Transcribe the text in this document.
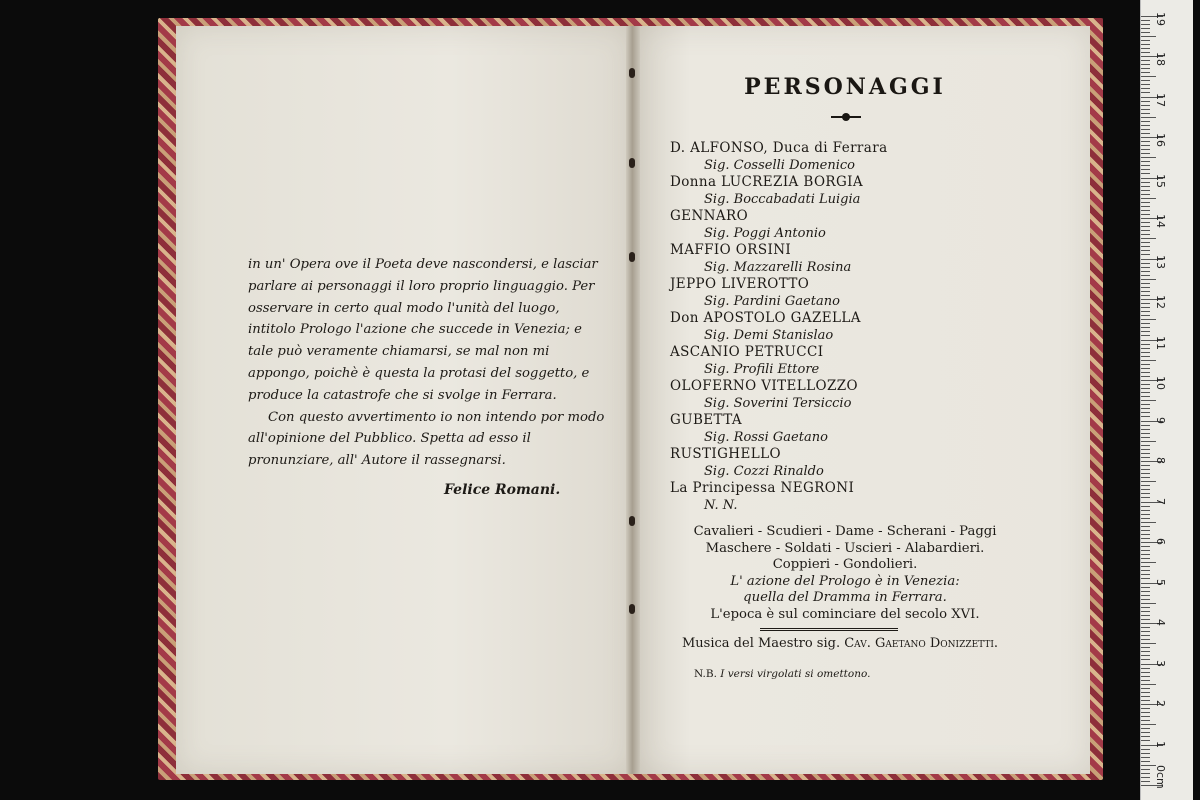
in un' Opera ove il Poeta deve nascondersi, e lasciar parlare ai personaggi il loro proprio linguaggio. Per osservare in certo qual modo l'unità del luogo, intitolo Prologo l'azione che succede in Venezia; e tale può veramente chiamarsi, se mal non mi appongo, poichè è questa la protasi del soggetto, e produce la catastrofe che si svolge in Ferrara.

Con questo avvertimento io non intendo por modo all'opinione del Pubblico. Spetta ad esso il pronunziare, all' Autore il rassegnarsi.

Felice Romani.
PERSONAGGI
D. ALFONSO, Duca di Ferrara
Sig. Cosselli Domenico
Donna LUCREZIA BORGIA
Sig. Boccabadati Luigia
GENNARO
Sig. Poggi Antonio
MAFFIO ORSINI
Sig. Mazzarelli Rosina
JEPPO LIVEROTTO
Sig. Pardini Gaetano
Don APOSTOLO GAZELLA
Sig. Demi Stanislao
ASCANIO PETRUCCI
Sig. Profili Ettore
OLOFERNO VITELLOZZO
Sig. Soverini Tersiccio
GUBETTA
Sig. Rossi Gaetano
RUSTIGHELLO
Sig. Cozzi Rinaldo
La Principessa NEGRONI
N. N.
Cavalieri - Scudieri - Dame - Scherani - Paggi
Maschere - Soldati - Uscieri - Alabardieri.
Coppieri - Gondolieri.
L' azione del Prologo è in Venezia:
quella del Dramma in Ferrara.
L'epoca è sul cominciare del secolo XVI.
Musica del Maestro sig. Cav. Gaetano Donizzetti.
N.B. I versi virgolati si omettono.
0cm
1
2
3
4
5
6
7
8
9
10
11
12
13
14
15
16
17
18
19
